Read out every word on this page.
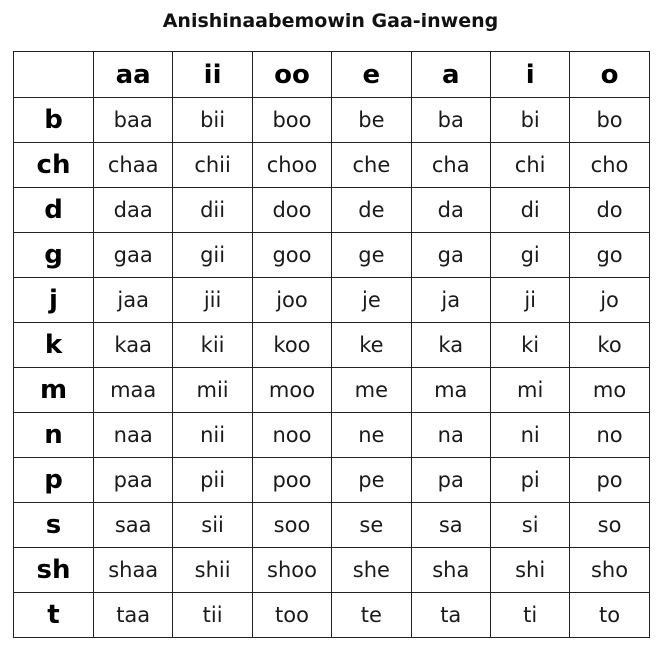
Anishinaabemowin Gaa-inweng
	aa	ii	oo	e	a	i	o
b	baa	bii	boo	be	ba	bi	bo
ch	chaa	chii	choo	che	cha	chi	cho
d	daa	dii	doo	de	da	di	do
g	gaa	gii	goo	ge	ga	gi	go
j	jaa	jii	joo	je	ja	ji	jo
k	kaa	kii	koo	ke	ka	ki	ko
m	maa	mii	moo	me	ma	mi	mo
n	naa	nii	noo	ne	na	ni	no
p	paa	pii	poo	pe	pa	pi	po
s	saa	sii	soo	se	sa	si	so
sh	shaa	shii	shoo	she	sha	shi	sho
t	taa	tii	too	te	ta	ti	to
